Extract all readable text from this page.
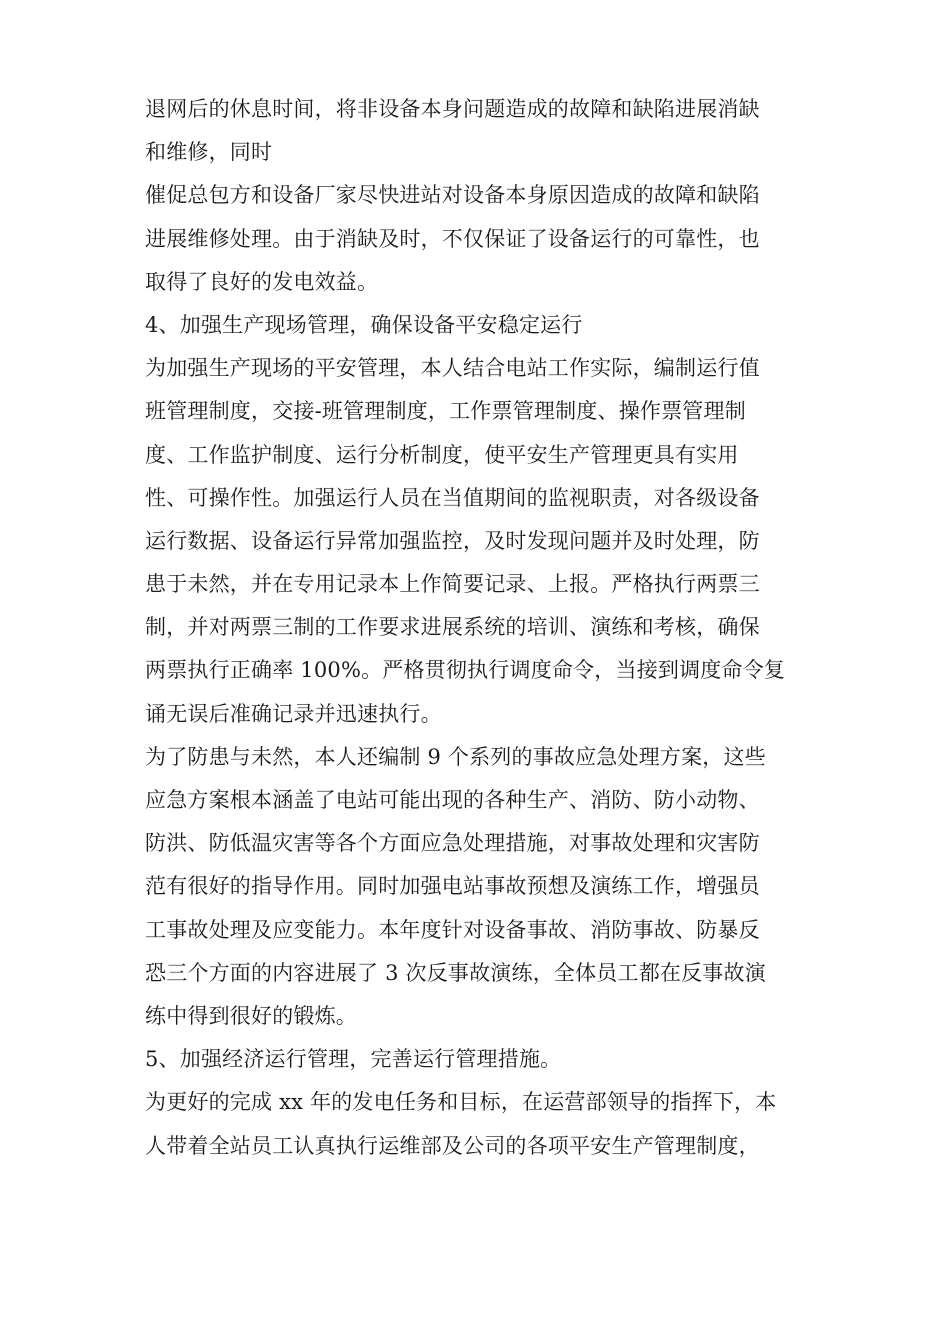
退网后的休息时间，将非设备本身问题造成的故障和缺陷进展消缺
和维修，同时
催促总包方和设备厂家尽快进站对设备本身原因造成的故障和缺陷
进展维修处理。由于消缺及时，不仅保证了设备运行的可靠性，也
取得了良好的发电效益。
4、加强生产现场管理，确保设备平安稳定运行
为加强生产现场的平安管理，本人结合电站工作实际，编制运行值
班管理制度，交接-班管理制度，工作票管理制度、操作票管理制
度、工作监护制度、运行分析制度，使平安生产管理更具有实用
性、可操作性。加强运行人员在当值期间的监视职责，对各级设备
运行数据、设备运行异常加强监控，及时发现问题并及时处理，防
患于未然，并在专用记录本上作简要记录、上报。严格执行两票三
制，并对两票三制的工作要求进展系统的培训、演练和考核，确保
两票执行正确率 100%。严格贯彻执行调度命令，当接到调度命令复
诵无误后准确记录并迅速执行。
为了防患与未然，本人还编制 9 个系列的事故应急处理方案，这些
应急方案根本涵盖了电站可能出现的各种生产、消防、防小动物、
防洪、防低温灾害等各个方面应急处理措施，对事故处理和灾害防
范有很好的指导作用。同时加强电站事故预想及演练工作，增强员
工事故处理及应变能力。本年度针对设备事故、消防事故、防暴反
恐三个方面的内容进展了 3 次反事故演练，全体员工都在反事故演
练中得到很好的锻炼。
5、加强经济运行管理，完善运行管理措施。
为更好的完成 xx 年的发电任务和目标，在运营部领导的指挥下，本
人带着全站员工认真执行运维部及公司的各项平安生产管理制度，
